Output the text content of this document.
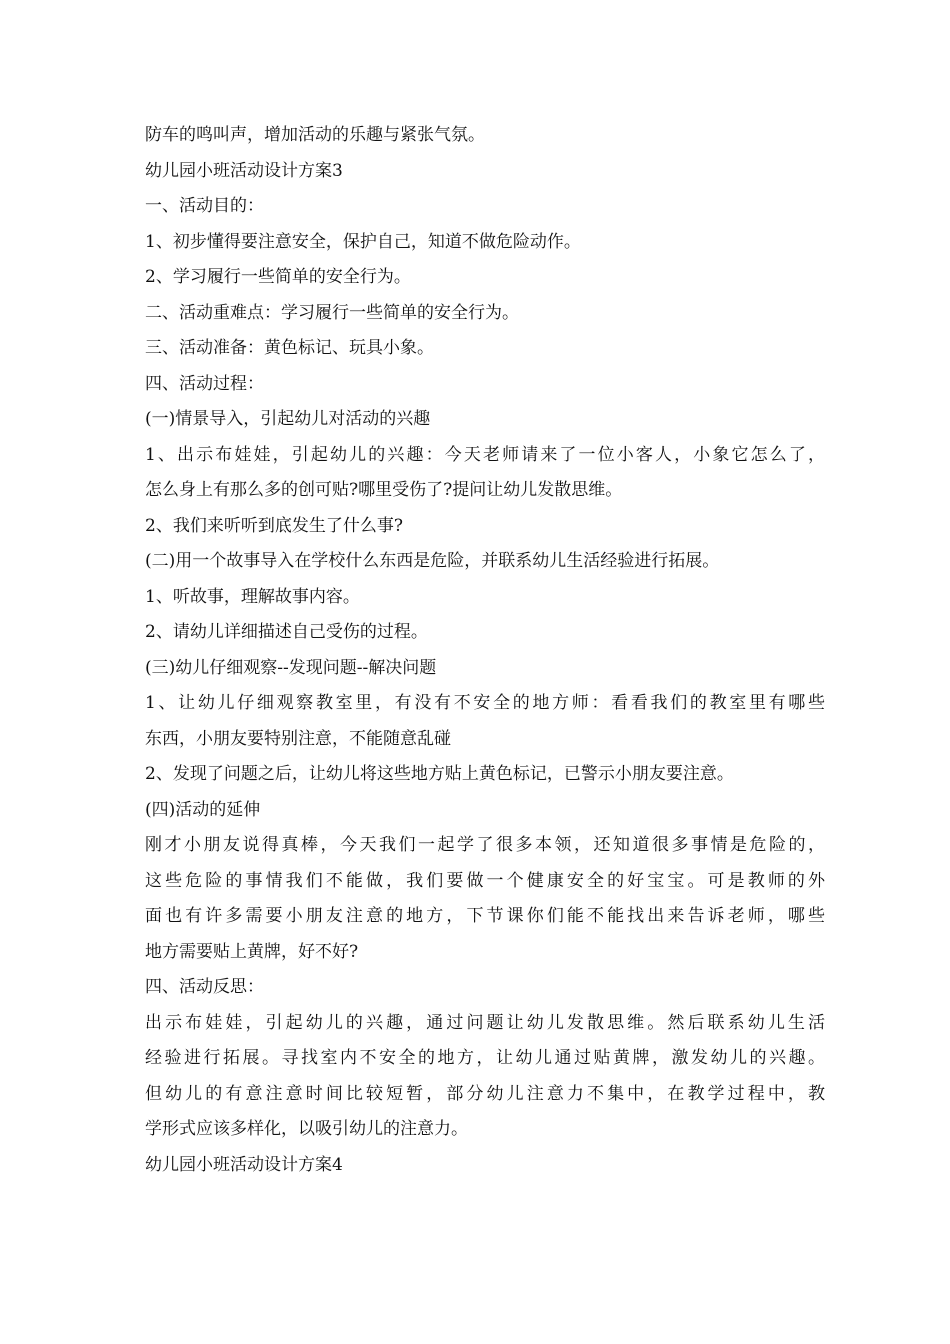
防车的鸣叫声，增加活动的乐趣与紧张气氛。
幼儿园小班活动设计方案3
一、活动目的：
1、初步懂得要注意安全，保护自己，知道不做危险动作。
2、学习履行一些简单的安全行为。
二、活动重难点：学习履行一些简单的安全行为。
三、活动准备：黄色标记、玩具小象。
四、活动过程：
(一)情景导入，引起幼儿对活动的兴趣
1、出示布娃娃，引起幼儿的兴趣：今天老师请来了一位小客人，小象它怎么了，
怎么身上有那么多的创可贴?哪里受伤了?提问让幼儿发散思维。
2、我们来听听到底发生了什么事?
(二)用一个故事导入在学校什么东西是危险，并联系幼儿生活经验进行拓展。
1、听故事，理解故事内容。
2、请幼儿详细描述自己受伤的过程。
(三)幼儿仔细观察--发现问题--解决问题
1、让幼儿仔细观察教室里，有没有不安全的地方师：看看我们的教室里有哪些
东西，小朋友要特别注意，不能随意乱碰
2、发现了问题之后，让幼儿将这些地方贴上黄色标记，已警示小朋友要注意。
(四)活动的延伸
刚才小朋友说得真棒，今天我们一起学了很多本领，还知道很多事情是危险的，
这些危险的事情我们不能做，我们要做一个健康安全的好宝宝。可是教师的外
面也有许多需要小朋友注意的地方，下节课你们能不能找出来告诉老师，哪些
地方需要贴上黄牌，好不好?
四、活动反思：
出示布娃娃，引起幼儿的兴趣，通过问题让幼儿发散思维。然后联系幼儿生活
经验进行拓展。寻找室内不安全的地方，让幼儿通过贴黄牌，激发幼儿的兴趣。
但幼儿的有意注意时间比较短暂，部分幼儿注意力不集中，在教学过程中，教
学形式应该多样化，以吸引幼儿的注意力。
幼儿园小班活动设计方案4
